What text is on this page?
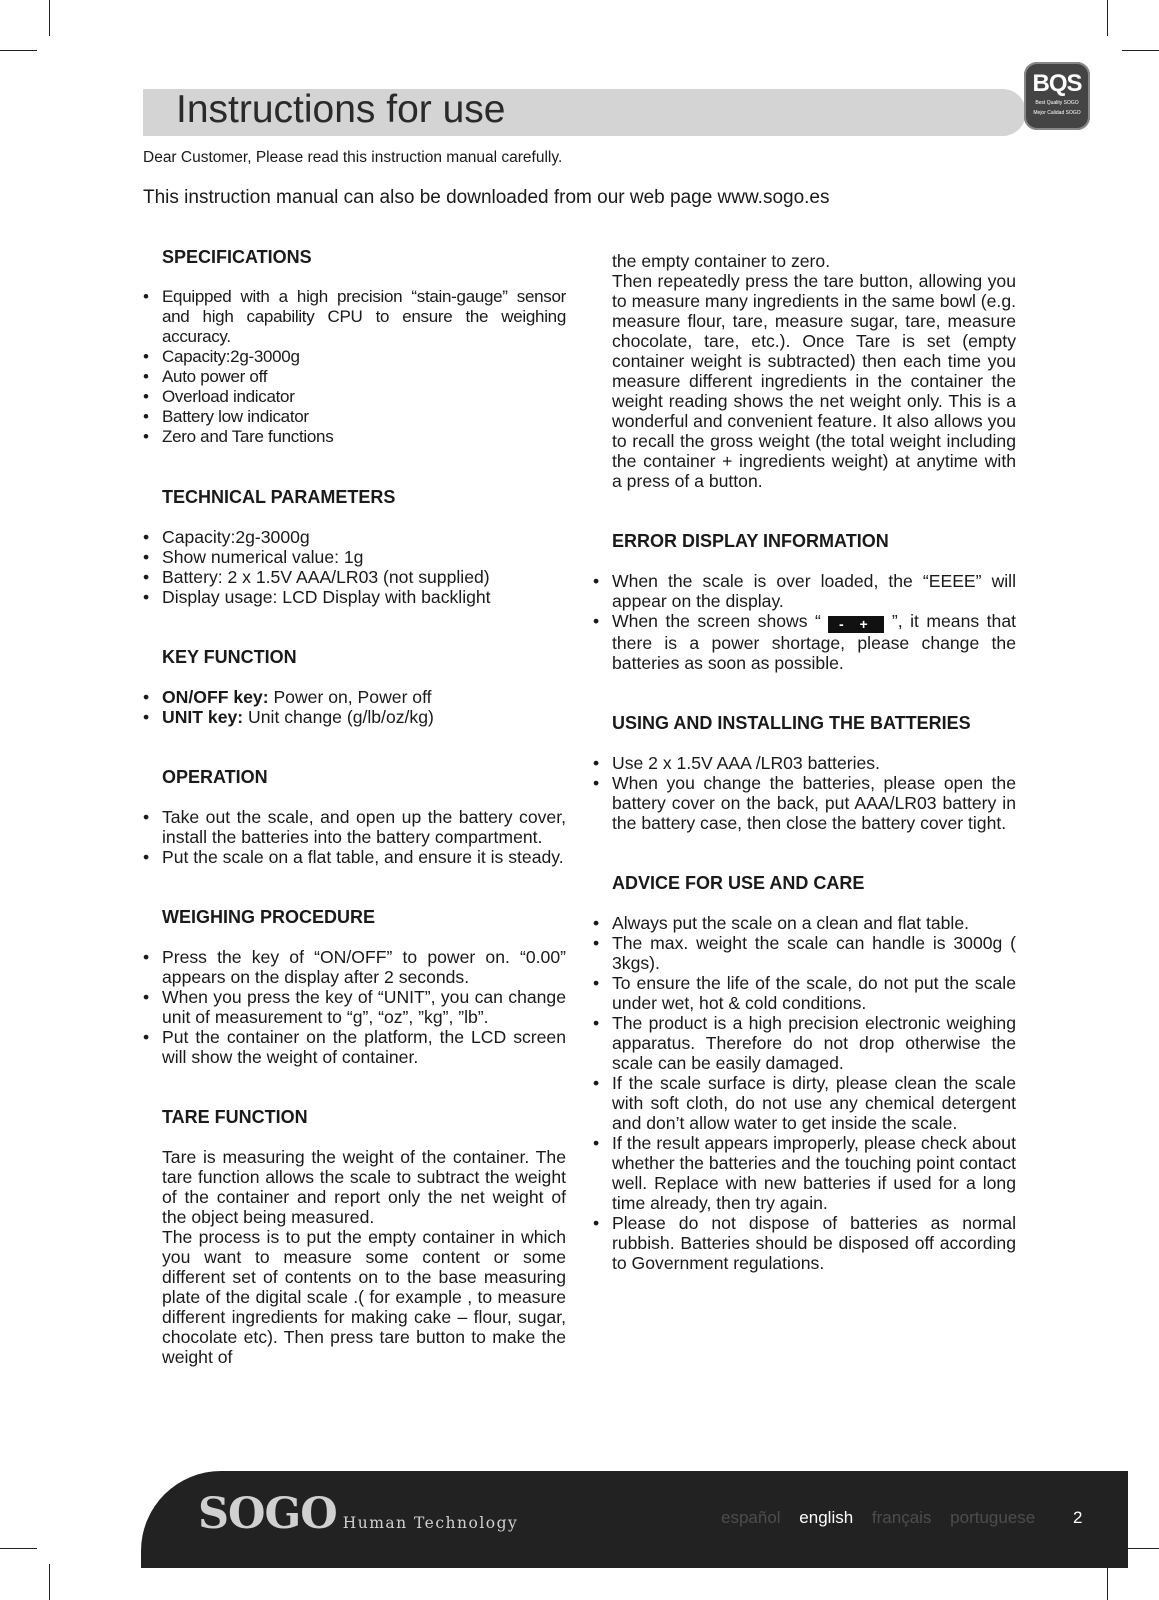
Instructions for use
BQS
Best Quality SOGO
Mejor Calidad SOGO
Dear Customer, Please read this instruction manual carefully.
This instruction manual can also be downloaded from our web page www.sogo.es
SPECIFICATIONS
• Equipped with a high precision “stain-gauge” sensor and high capability CPU to ensure the weighing accuracy.
• Capacity:2g-3000g
• Auto power off
• Overload indicator
• Battery low indicator
• Zero and Tare functions
TECHNICAL PARAMETERS
• Capacity:2g-3000g
• Show numerical value: 1g
• Battery: 2 x 1.5V AAA/LR03 (not supplied)
• Display usage: LCD Display with backlight
KEY FUNCTION
• ON/OFF key: Power on, Power off
• UNIT key: Unit change (g/lb/oz/kg)
OPERATION
• Take out the scale, and open up the battery cover, install the batteries into the battery compartment.
• Put the scale on a flat table, and ensure it is steady.
WEIGHING PROCEDURE
• Press the key of “ON/OFF” to power on. “0.00” appears on the display after 2 seconds.
• When you press the key of “UNIT”, you can change unit of measurement to “g”, “oz”, ”kg”, ”lb”.
• Put the container on the platform, the LCD screen will show the weight of container.
TARE FUNCTION

Tare is measuring the weight of the container. The tare function allows the scale to subtract the weight of the container and report only the net weight of the object being measured.

The process is to put the empty container in which you want to measure some content or some different set of contents on to the base measuring plate of the digital scale .( for example , to measure different ingredients for making cake – flour, sugar, chocolate etc). Then press tare button to make the weight of

the empty container to zero.

Then repeatedly press the tare button, allowing you to measure many ingredients in the same bowl (e.g. measure flour, tare, measure sugar, tare, measure chocolate, tare, etc.). Once Tare is set (empty container weight is subtracted) then each time you measure different ingredients in the container the weight reading shows the net weight only. This is a wonderful and convenient feature. It also allows you to recall the gross weight (the total weight including the container + ingredients weight) at anytime with a press of a button.

ERROR DISPLAY INFORMATION
• When the scale is over loaded, the “EEEE” will appear on the display.
• When the screen shows “ - + ”, it means that there is a power shortage, please change the batteries as soon as possible.
USING AND INSTALLING THE BATTERIES
• Use 2 x 1.5V AAA /LR03 batteries.
• When you change the batteries, please open the battery cover on the back, put AAA/LR03 battery in the battery case, then close the battery cover tight.
ADVICE FOR USE AND CARE
• Always put the scale on a clean and flat table.
• The max. weight the scale can handle is 3000g ( 3kgs).
• To ensure the life of the scale, do not put the scale under wet, hot & cold conditions.
• The product is a high precision electronic weighing apparatus. Therefore do not drop otherwise the scale can be easily damaged.
• If the scale surface is dirty, please clean the scale with soft cloth, do not use any chemical detergent and don’t allow water to get inside the scale.
• If the result appears improperly, please check about whether the batteries and the touching point contact well. Replace with new batteries if used for a long time already, then try again.
• Please do not dispose of batteries as normal rubbish. Batteries should be disposed off according to Government regulations.
SOGO Human Technology	español english français portuguese	2
